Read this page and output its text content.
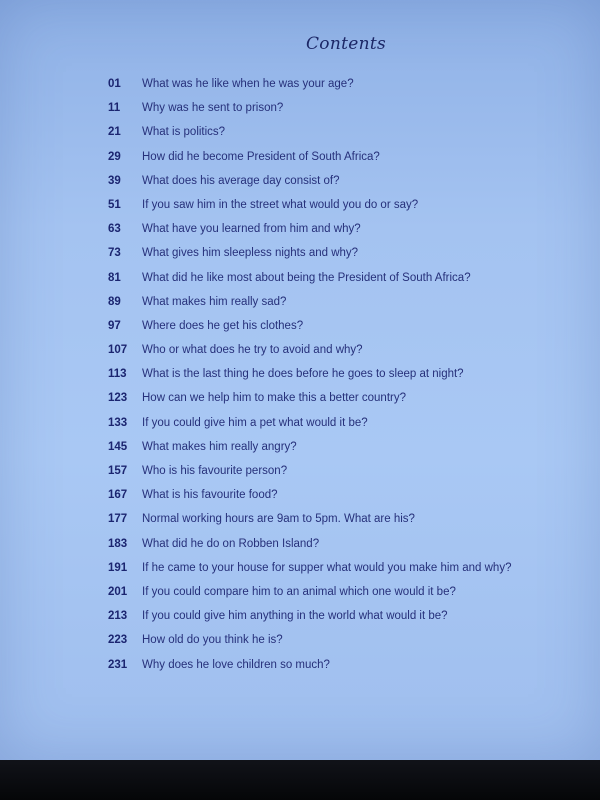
Contents
01	What was he like when he was your age?
11	Why was he sent to prison?
21	What is politics?
29	How did he become President of South Africa?
39	What does his average day consist of?
51	If you saw him in the street what would you do or say?
63	What have you learned from him and why?
73	What gives him sleepless nights and why?
81	What did he like most about being the President of South Africa?
89	What makes him really sad?
97	Where does he get his clothes?
107	Who or what does he try to avoid and why?
113	What is the last thing he does before he goes to sleep at night?
123	How can we help him to make this a better country?
133	If you could give him a pet what would it be?
145	What makes him really angry?
157	Who is his favourite person?
167	What is his favourite food?
177	Normal working hours are 9am to 5pm. What are his?
183	What did he do on Robben Island?
191	If he came to your house for supper what would you make him and why?
201	If you could compare him to an animal which one would it be?
213	If you could give him anything in the world what would it be?
223	How old do you think he is?
231	Why does he love children so much?
